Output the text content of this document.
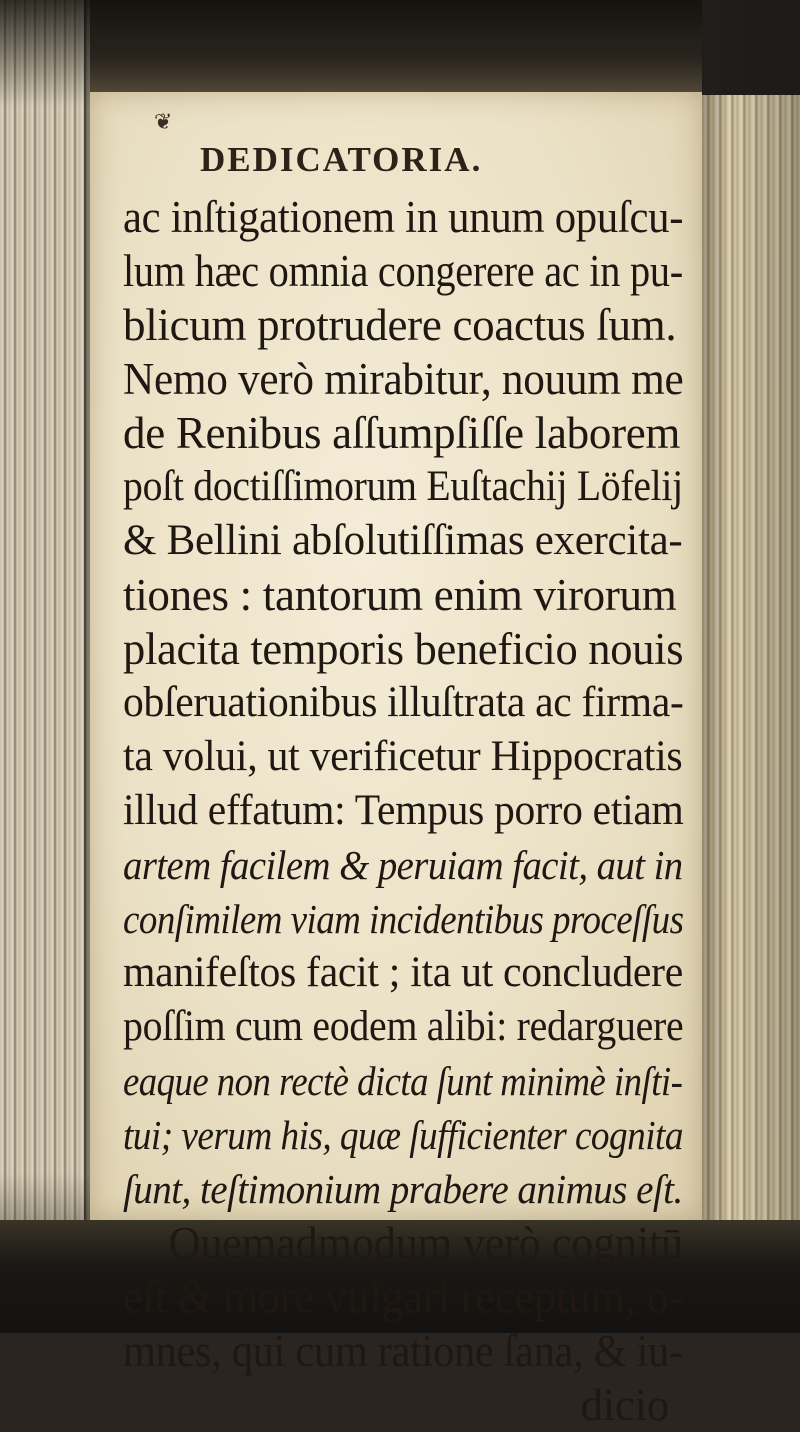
❦
DEDICATORIA.
ac inſtigationem in unum opuſcu-
lum hæc omnia congerere ac in pu-
blicum protrudere coactus ſum.
Nemo verò mirabitur, nouum me
de Renibus aſſumpſiſſe laborem
poſt doctiſſimorum Euſtachij Löfelij
& Bellini abſolutiſſimas exercita-
tiones : tantorum enim virorum
placita temporis beneficio nouis
obſeruationibus illuſtrata ac firma-
ta volui, ut verificetur Hippocratis
illud effatum: Tempus porro etiam
artem facilem & peruiam facit, aut in
conſimilem viam incidentibus proceſſus
manifeſtos facit ; ita ut concludere
poſſim cum eodem alibi: redarguere
eaque non rectè dicta ſunt minimè inſti-
tui; verum his, quæ ſufficienter cognita
ſunt, teſtimonium prabere animus eſt.
Quemadmodum verò cognitū
eſt & more vulgari receptum, o-
mnes, qui cum ratione ſana, & iu-
dicio
